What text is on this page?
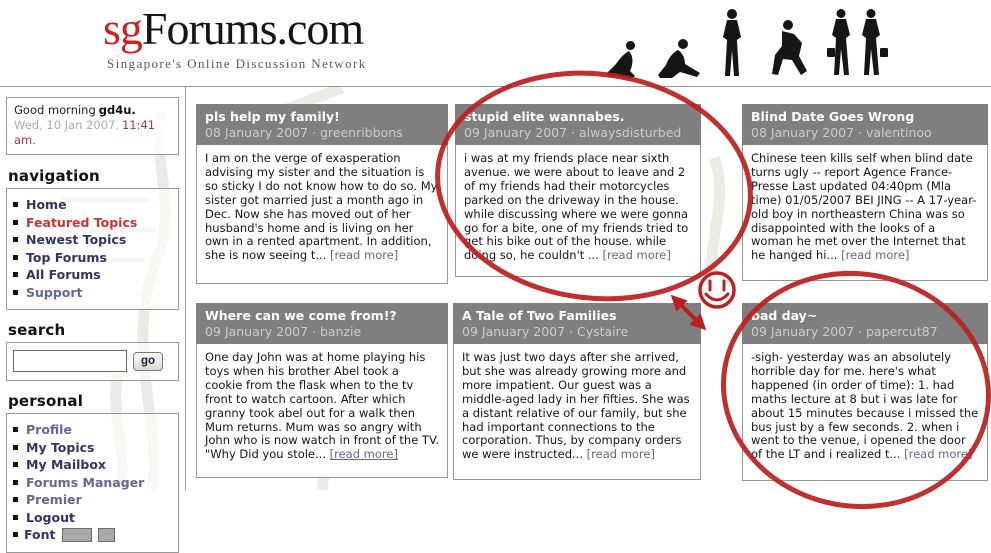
sgForums.com
Singapore's Online Discussion Network
Good morning gd4u.
Wed, 10 Jan 2007. 11:41 am.
navigation
Home
Featured Topics
Newest Topics
Top Forums
All Forums
Support
search
go
personal
Profile
My Topics
My Mailbox
Forums Manager
Premier
Logout
Font
pls help my family!
08 January 2007 · greenribbons
I am on the verge of exasperation advising my sister and the situation is so sticky I do not know how to do so. My sister got married just a month ago in Dec. Now she has moved out of her husband's home and is living on her own in a rented apartment. In addition, she is now seeing t... [read more]
stupid elite wannabes.
09 January 2007 · alwaysdisturbed
i was at my friends place near sixth avenue. we were about to leave and 2 of my friends had their motorcycles parked on the driveway in the house. while discussing where we were gonna go for a bite, one of my friends tried to get his bike out of the house. while doing so, he couldn't ... [read more]
Blind Date Goes Wrong
08 January 2007 · valentinoo
Chinese teen kills self when blind date turns ugly -- report Agence France-Presse Last updated 04:40pm (Mla time) 01/05/2007 BEI JING -- A 17-year-old boy in northeastern China was so disappointed with the looks of a woman he met over the Internet that he hanged hi... [read more]
Where can we come from!?
09 January 2007 · banzie
One day John was at home playing his toys when his brother Abel took a cookie from the flask when to the tv front to watch cartoon. After which granny took abel out for a walk then Mum returns. Mum was so angry with John who is now watch in front of the TV. "Why Did you stole... [read more]
A Tale of Two Families
09 January 2007 · Cystaire
It was just two days after she arrived, but she was already growing more and more impatient. Our guest was a middle-aged lady in her fifties. She was a distant relative of our family, but she had important connections to the corporation. Thus, by company orders we were instructed... [read more]
bad day~
09 January 2007 · papercut87
-sigh- yesterday was an absolutely horrible day for me. here's what happened (in order of time): 1. had maths lecture at 8 but i was late for about 15 minutes because i missed the bus just by a few seconds. 2. when i went to the venue, i opened the door of the LT and i realized t... [read more]
